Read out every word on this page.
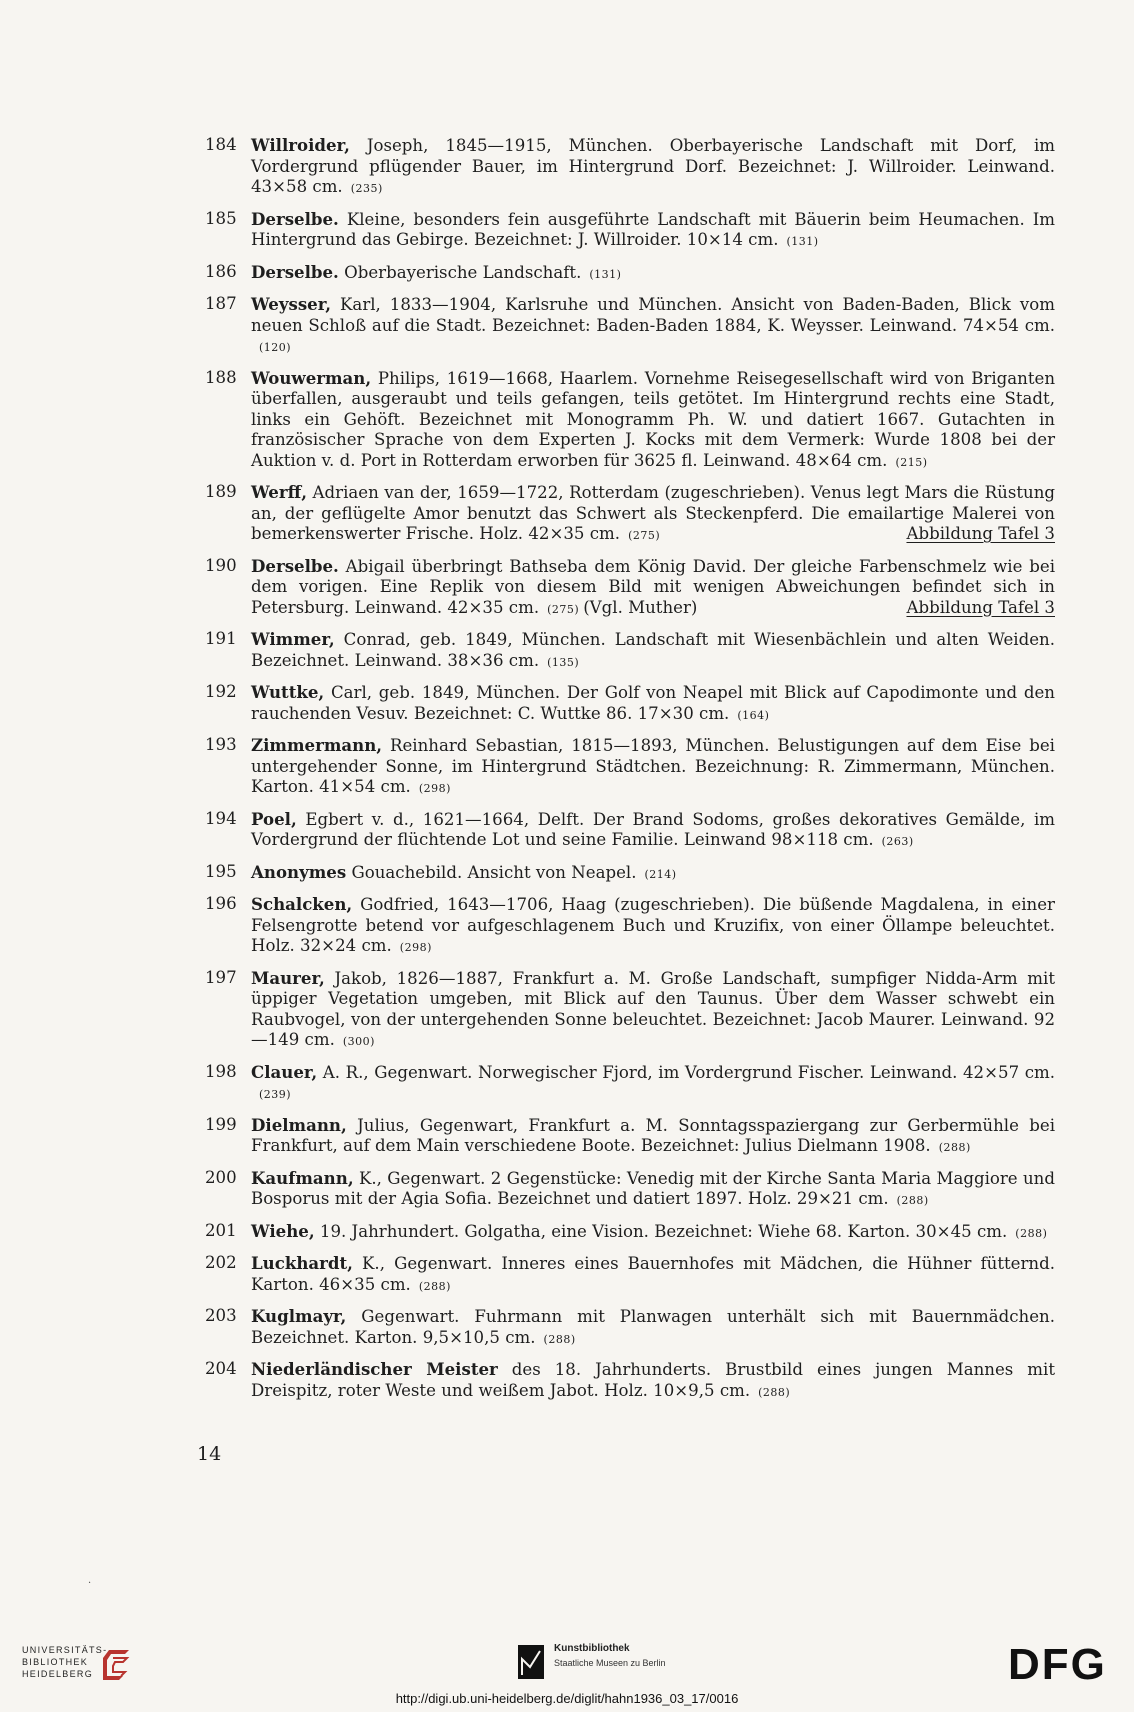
184 Willroider, Joseph, 1845—1915, München. Oberbayerische Landschaft mit Dorf, im Vordergrund pflügender Bauer, im Hintergrund Dorf. Bezeichnet: J. Willroider. Leinwand. 43×58 cm. (235)
185 Derselbe. Kleine, besonders fein ausgeführte Landschaft mit Bäuerin beim Heumachen. Im Hintergrund das Gebirge. Bezeichnet: J. Willroider. 10×14 cm. (131)
186 Derselbe. Oberbayerische Landschaft. (131)
187 Weysser, Karl, 1833—1904, Karlsruhe und München. Ansicht von Baden-Baden, Blick vom neuen Schloß auf die Stadt. Bezeichnet: Baden-Baden 1884, K. Weysser. Leinwand. 74×54 cm.(120)
188 Wouwerman, Philips, 1619—1668, Haarlem. Vornehme Reisegesellschaft wird von Briganten überfallen, ausgeraubt und teils gefangen, teils getötet. Im Hintergrund rechts eine Stadt, links ein Gehöft. Bezeichnet mit Monogramm Ph. W. und datiert 1667. Gutachten in französischer Sprache von dem Experten J. Kocks mit dem Vermerk: Wurde 1808 bei der Auktion v. d. Port in Rotterdam erworben für 3625 fl. Leinwand. 48×64 cm. (215)
189 Werff, Adriaen van der, 1659—1722, Rotterdam (zugeschrieben). Venus legt Mars die Rüstung an, der geflügelte Amor benutzt das Schwert als Steckenpferd. Die emailartige Malerei von bemerkenswerter Frische. Holz. 42×35 cm. (275)	Abbildung Tafel 3
190 Derselbe. Abigail überbringt Bathseba dem König David. Der gleiche Farbenschmelz wie bei dem vorigen. Eine Replik von diesem Bild mit wenigen Abweichungen befindet sich in Petersburg. Leinwand. 42×35 cm. (275) (Vgl. Muther)	Abbildung Tafel 3
191 Wimmer, Conrad, geb. 1849, München. Landschaft mit Wiesenbächlein und alten Weiden. Bezeichnet. Leinwand. 38×36 cm. (135)
192 Wuttke, Carl, geb. 1849, München. Der Golf von Neapel mit Blick auf Capodimonte und den rauchenden Vesuv. Bezeichnet: C. Wuttke 86. 17×30 cm. (164)
193 Zimmermann, Reinhard Sebastian, 1815—1893, München. Belustigungen auf dem Eise bei untergehender Sonne, im Hintergrund Städtchen. Bezeichnung: R. Zimmermann, München. Karton. 41×54 cm. (298)
194 Poel, Egbert v. d., 1621—1664, Delft. Der Brand Sodoms, großes dekoratives Gemälde, im Vordergrund der flüchtende Lot und seine Familie. Leinwand 98×118 cm. (263)
195 Anonymes Gouachebild. Ansicht von Neapel. (214)
196 Schalcken, Godfried, 1643—1706, Haag (zugeschrieben). Die büßende Magdalena, in einer Felsengrotte betend vor aufgeschlagenem Buch und Kruzifix, von einer Öllampe beleuchtet. Holz. 32×24 cm. (298)
197 Maurer, Jakob, 1826—1887, Frankfurt a. M. Große Landschaft, sumpfiger Nidda-Arm mit üppiger Vegetation umgeben, mit Blick auf den Taunus. Über dem Wasser schwebt ein Raubvogel, von der untergehenden Sonne beleuchtet. Bezeichnet: Jacob Maurer. Leinwand. 92—149 cm. (300)
198 Clauer, A. R., Gegenwart. Norwegischer Fjord, im Vordergrund Fischer. Leinwand. 42×57 cm.(239)
199 Dielmann, Julius, Gegenwart, Frankfurt a. M. Sonntagsspaziergang zur Gerbermühle bei Frankfurt, auf dem Main verschiedene Boote. Bezeichnet: Julius Dielmann 1908. (288)
200 Kaufmann, K., Gegenwart. 2 Gegenstücke: Venedig mit der Kirche Santa Maria Maggiore und Bosporus mit der Agia Sofia. Bezeichnet und datiert 1897. Holz. 29×21 cm. (288)
201 Wiehe, 19. Jahrhundert. Golgatha, eine Vision. Bezeichnet: Wiehe 68. Karton. 30×45 cm. (288)
202 Luckhardt, K., Gegenwart. Inneres eines Bauernhofes mit Mädchen, die Hühner fütternd. Karton. 46×35 cm. (288)
203 Kuglmayr, Gegenwart. Fuhrmann mit Planwagen unterhält sich mit Bauernmädchen. Bezeichnet. Karton. 9,5×10,5 cm. (288)
204 Niederländischer Meister des 18. Jahrhunderts. Brustbild eines jungen Mannes mit Dreispitz, roter Weste und weißem Jabot. Holz. 10×9,5 cm. (288)
14
·
UNIVERSITÄTS-
BIBLIOTHEK
HEIDELBERG
Kunstbibliothek
Staatliche Museen zu Berlin	DFG
http://digi.ub.uni-heidelberg.de/diglit/hahn1936_03_17/0016
